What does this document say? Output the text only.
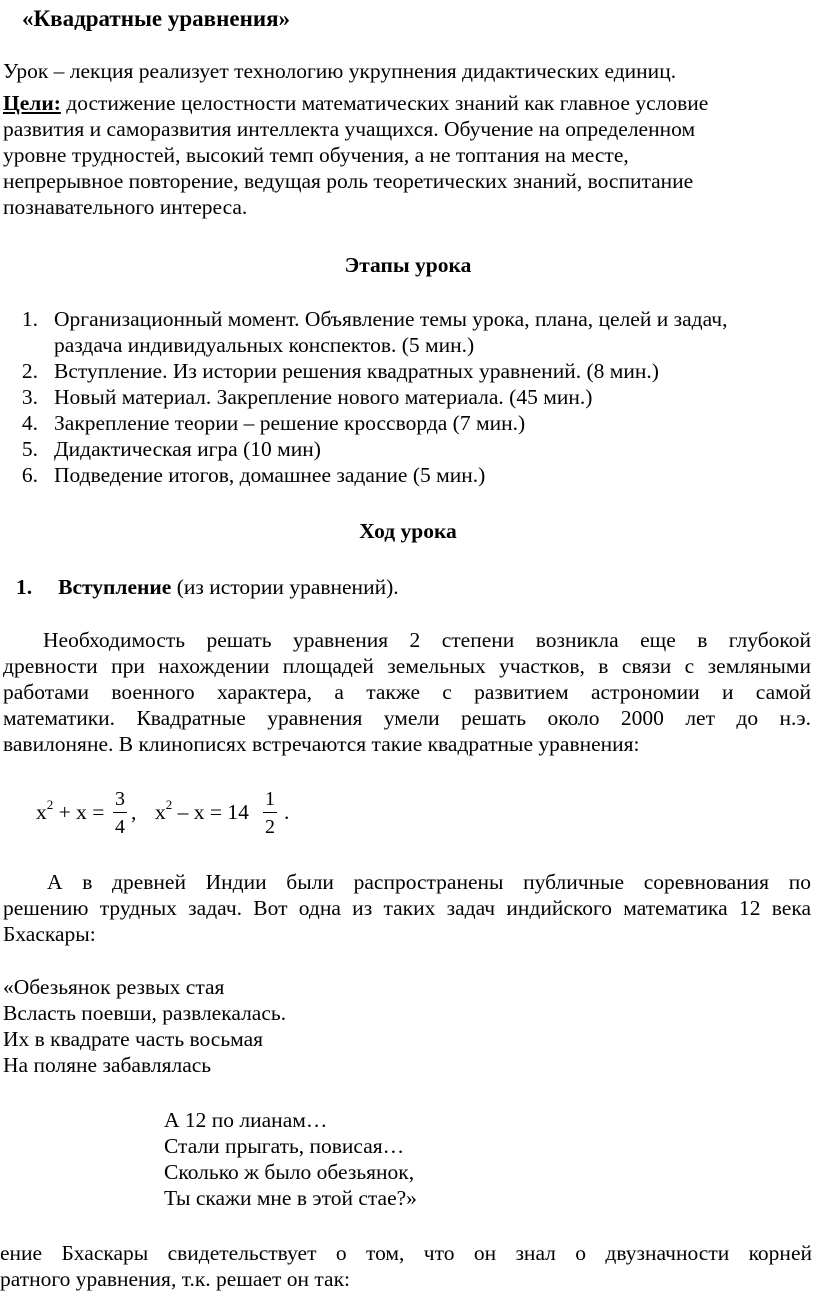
«Квадратные уравнения»
Урок – лекция реализует технологию укрупнения дидактических единиц.
Цели: достижение целостности математических знаний как главное условие
развития и саморазвития интеллекта учащихся. Обучение на определенном
уровне трудностей, высокий темп обучения, а не топтания на месте,
непрерывное повторение, ведущая роль теоретических знаний, воспитание
познавательного интереса.
Этапы урока
1. Организационный момент. Объявление темы урока, плана, целей и задач,
раздача индивидуальных конспектов. (5 мин.)
2. Вступление. Из истории решения квадратных уравнений. (8 мин.)
3. Новый материал. Закрепление нового материала. (45 мин.)
4. Закрепление теории – решение кроссворда (7 мин.)
5. Дидактическая игра (10 мин)
6. Подведение итогов, домашнее задание (5 мин.)
Ход урока
1. Вступление (из истории уравнений).
Необходимость решать уравнения 2 степени возникла еще в глубокой
древности при нахождении площадей земельных участков, в связи с земляными
работами военного характера, а также с развитием астрономии и самой
математики. Квадратные уравнения умели решать около 2000 лет до н.э.
вавилоняне. В клинописях встречаются такие квадратные уравнения:
$x^2 + x$ =
3
4
, $x^2 - x = 14$
1
2
.
А в древней Индии были распространены публичные соревнования по
решению трудных задач. Вот одна из таких задач индийского математика 12 века
Бхаскары:
«Обезьянок резвых стая
Всласть поевши, развлекалась.
Их в квадрате часть восьмая
На поляне забавлялась
А 12 по лианам…
Стали прыгать, повисая…
Сколько ж было обезьянок,
Ты скажи мне в этой стае?»
ение Бхаскары свидетельствует о том, что он знал о двузначности корней
ратного уравнения, т.к. решает он так:
